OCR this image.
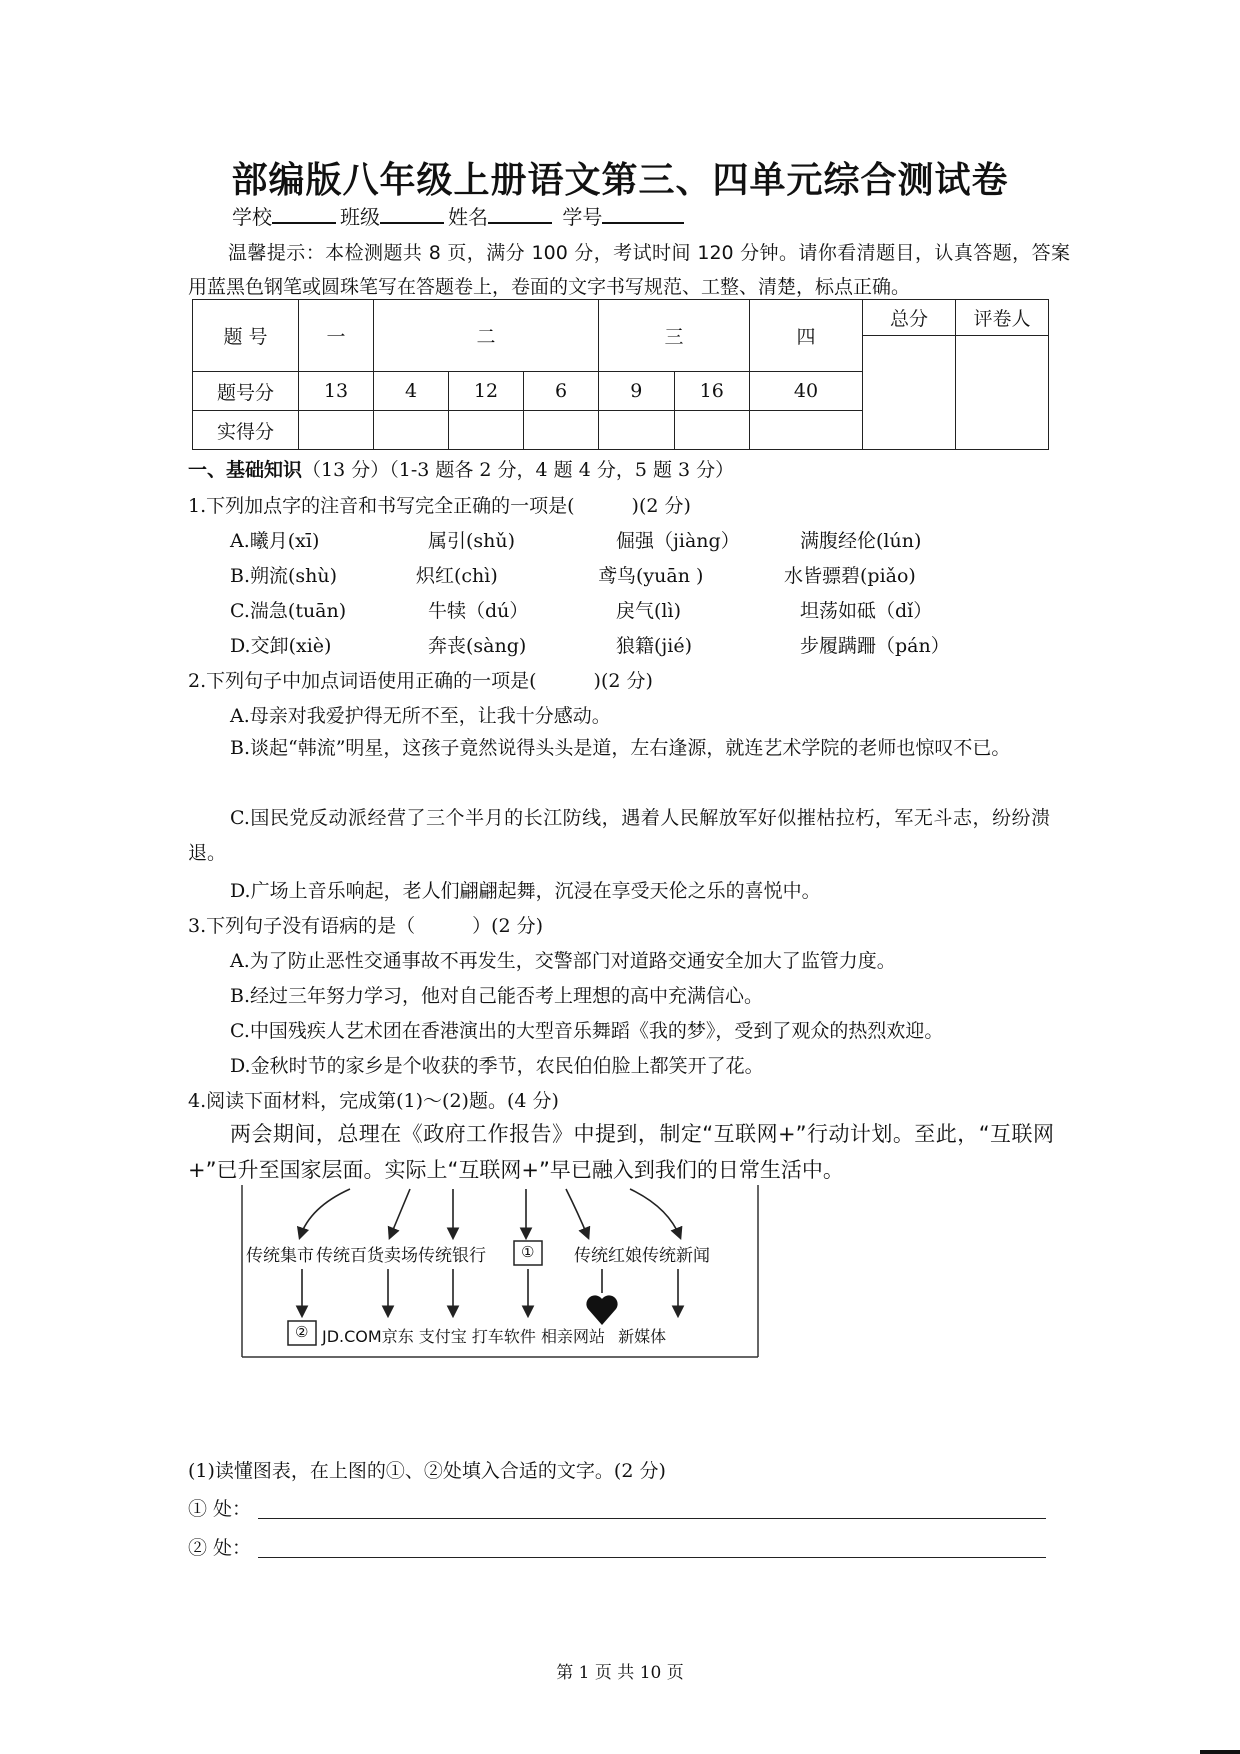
部编版八年级上册语文第三、四单元综合测试卷
学校	班级	姓名	学号
温馨提示：本检测题共 8 页，满分 100 分，考试时间 120 分钟。请你看清题目，认真答题，答案用蓝黑色钢笔或圆珠笔写在答题卷上，卷面的文字书写规范、工整、清楚，标点正确。
题 号	一	二			三		四	总分	评卷人

题号分	13	4	12	6	9	16	40		
实得分									
一、基础知识（13 分）（1-3 题各 2 分，4 题 4 分，5 题 3 分）
1.下列加点字的注音和书写完全正确的一项是(　　　)(2 分)
A.曦月(xī)	属引(shǔ)	倔强（jiàng）	满腹经伦(lún)
B.朔流(shù)	炽红(chì)	鸢鸟(yuān )	水皆骠碧(piǎo)
C.湍急(tuān)	牛犊（dú）	戾气(lì)	坦荡如砥（dǐ）
D.交卸(xiè)	奔丧(sàng)	狼籍(jié)	步履蹒跚（pán）
2.下列句子中加点词语使用正确的一项是(　　　)(2 分)
A.母亲对我爱护得无所不至，让我十分感动。
B.谈起“韩流”明星，这孩子竟然说得头头是道，左右逢源，就连艺术学院的老师也惊叹不已。
C.国民党反动派经营了三个半月的长江防线，遇着人民解放军好似摧枯拉朽，军无斗志，纷纷溃退。
D.广场上音乐响起，老人们翩翩起舞，沉浸在享受天伦之乐的喜悦中。
3.下列句子没有语病的是（　　　）(2 分)
A.为了防止恶性交通事故不再发生，交警部门对道路交通安全加大了监管力度。
B.经过三年努力学习，他对自己能否考上理想的高中充满信心。
C.中国残疾人艺术团在香港演出的大型音乐舞蹈《我的梦》，受到了观众的热烈欢迎。
D.金秋时节的家乡是个收获的季节，农民伯伯脸上都笑开了花。
4.阅读下面材料，完成第(1)～(2)题。(4 分)
两会期间，总理在《政府工作报告》中提到，制定“互联网+”行动计划。至此，“互联网+”已升至国家层面。实际上“互联网+”早已融入到我们的日常生活中。
传统集市 传统百货卖场传统银行 ① 传统红娘传统新闻
② JD.COM京东 支付宝 打车软件 相亲网站 新媒体
(1)读懂图表，在上图的①、②处填入合适的文字。(2 分)
① 处：
② 处：
第 1 页 共 10 页
